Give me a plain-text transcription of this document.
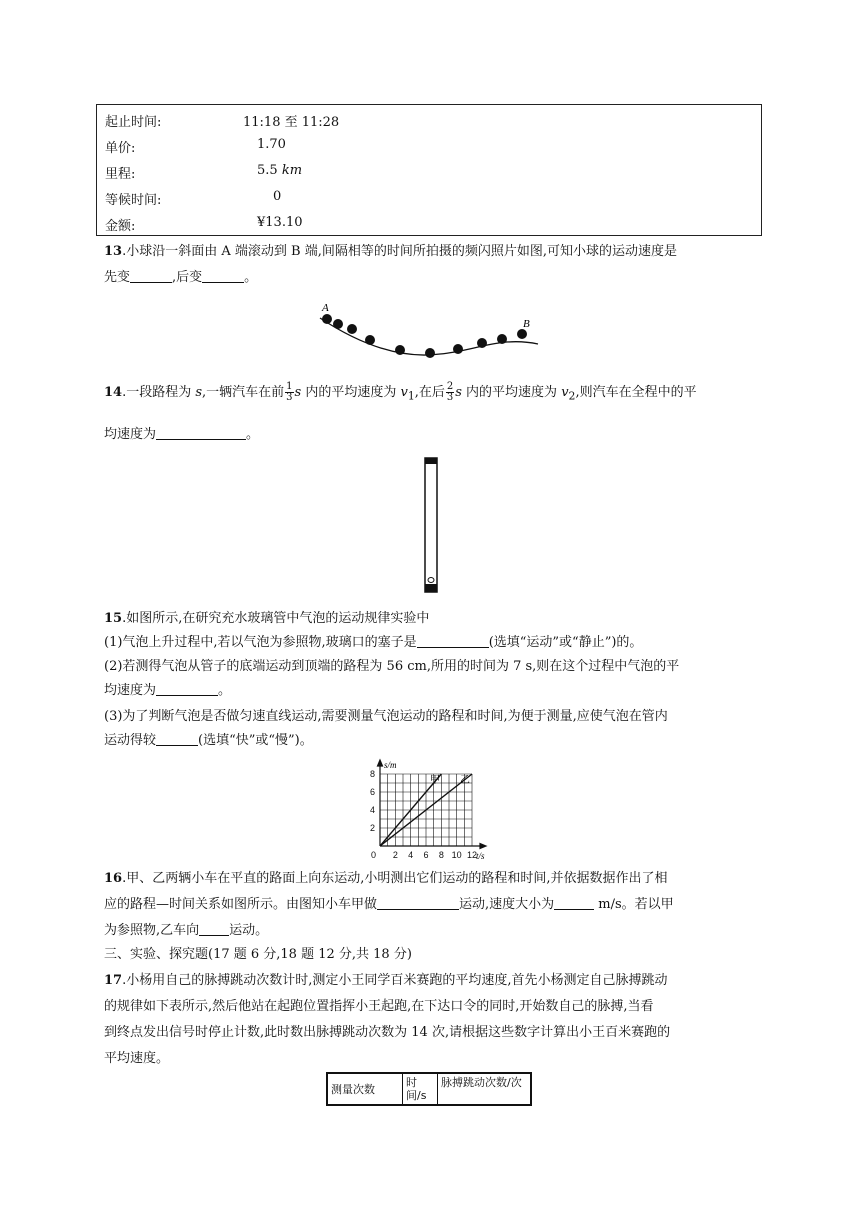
起止时间:	11:18 至 11:28
单价:	1.70
里程:	5.5 km
等候时间:	0
金额:	¥13.10
13.小球沿一斜面由 A 端滚动到 B 端,间隔相等的时间所拍摄的频闪照片如图,可知小球的运动速度是
先变	,后变	。
A
B
14.一段路程为 s,一辆汽车在前 $\frac{1}{3}$ s 内的平均速度为 $v_1$,在后 $\frac{2}{3}$ s 内的平均速度为 $v_2$,则汽车在全程中的平
均速度为	。
15.如图所示,在研究充水玻璃管中气泡的运动规律实验中
(1)气泡上升过程中,若以气泡为参照物,玻璃口的塞子是	(选填“运动”或“静止”)的。
(2)若测得气泡从管子的底端运动到顶端的路程为 56 cm,所用的时间为 7 s,则在这个过程中气泡的平
均速度为	。
(3)为了判断气泡是否做匀速直线运动,需要测量气泡运动的路程和时间,为便于测量,应使气泡在管内
运动得较	(选填“快”或“慢”)。
8
6
4
2
0 2 4 6 8 10 12
s/m
t/s
甲 乙
16.甲、乙两辆小车在平直的路面上向东运动,小明测出它们运动的路程和时间,并依据数据作出了相
应的路程—时间关系如图所示。由图知小车甲做	运动,速度大小为	m/s。若以甲
为参照物,乙车向 运动。
三、实验、探究题(17 题 6 分,18 题 12 分,共 18 分)
17.小杨用自己的脉搏跳动次数计时,测定小王同学百米赛跑的平均速度,首先小杨测定自己脉搏跳动
的规律如下表所示,然后他站在起跑位置指挥小王起跑,在下达口令的同时,开始数自己的脉搏,当看
到终点发出信号时停止计数,此时数出脉搏跳动次数为 14 次,请根据这些数字计算出小王百米赛跑的
平均速度。
测量次数	时间/s	脉搏跳动次数/次
